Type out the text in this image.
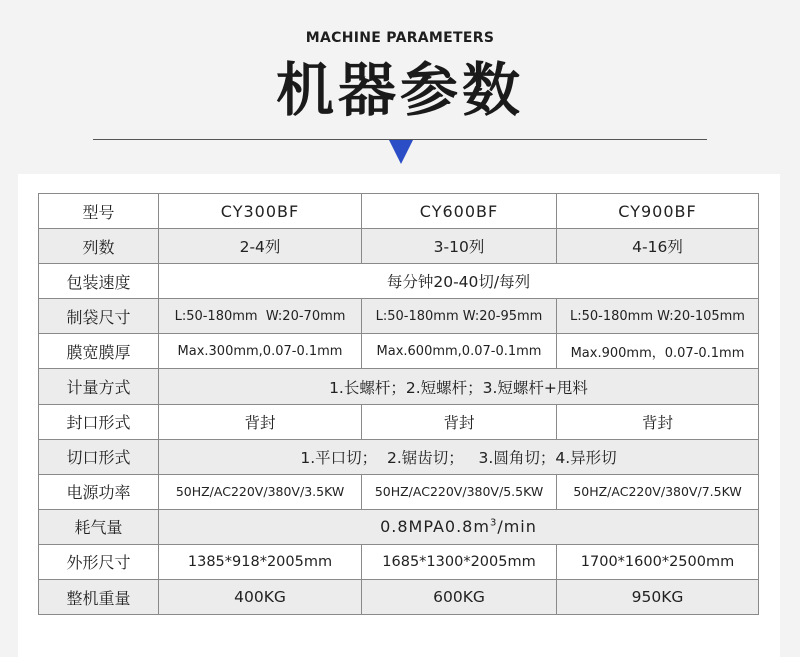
MACHINE PARAMETERS
机器参数
型号	CY300BF	CY600BF	CY900BF
列数	2-4列	3-10列	4-16列
包装速度	每分钟20-40切/每列		
制袋尺寸	L:50-180mm  W:20-70mm	L:50-180mm W:20-95mm	L:50-180mm W:20-105mm
膜宽膜厚	Max.300mm,0.07-0.1mm	Max.600mm,0.07-0.1mm	Max.900mm，0.07-0.1mm
计量方式	1.长螺杆；2.短螺杆；3.短螺杆+甩料		
封口形式	背封	背封	背封
切口形式	1.平口切；  2.锯齿切；   3.圆角切；4.异形切		
电源功率	50HZ/AC220V/380V/3.5KW	50HZ/AC220V/380V/5.5KW	50HZ/AC220V/380V/7.5KW
耗气量	$0.8MPA0.8m^3/\min$		
外形尺寸	1385*918*2005mm	1685*1300*2005mm	1700*1600*2500mm
整机重量	400KG	600KG	950KG
